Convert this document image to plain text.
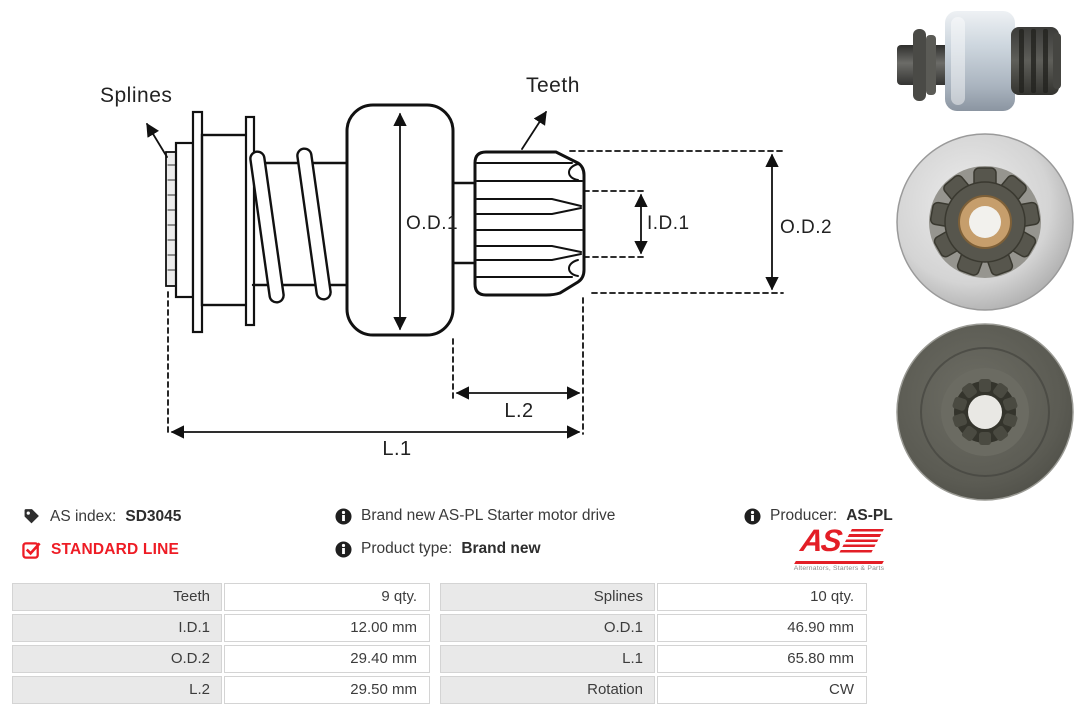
Splines	Teeth
O.D.1	I.D.1	O.D.2
L.2
L.1
AS index: SD3045	Brand new AS-PL Starter motor drive	Producer: AS-PL
STANDARD LINE	Product type: Brand new	AS
Alternators, Starters & Parts
Teeth	9 qty.
I.D.1	12.00 mm
O.D.2	29.40 mm
L.2	29.50 mm
Splines	10 qty.
O.D.1	46.90 mm
L.1	65.80 mm
Rotation	CW
